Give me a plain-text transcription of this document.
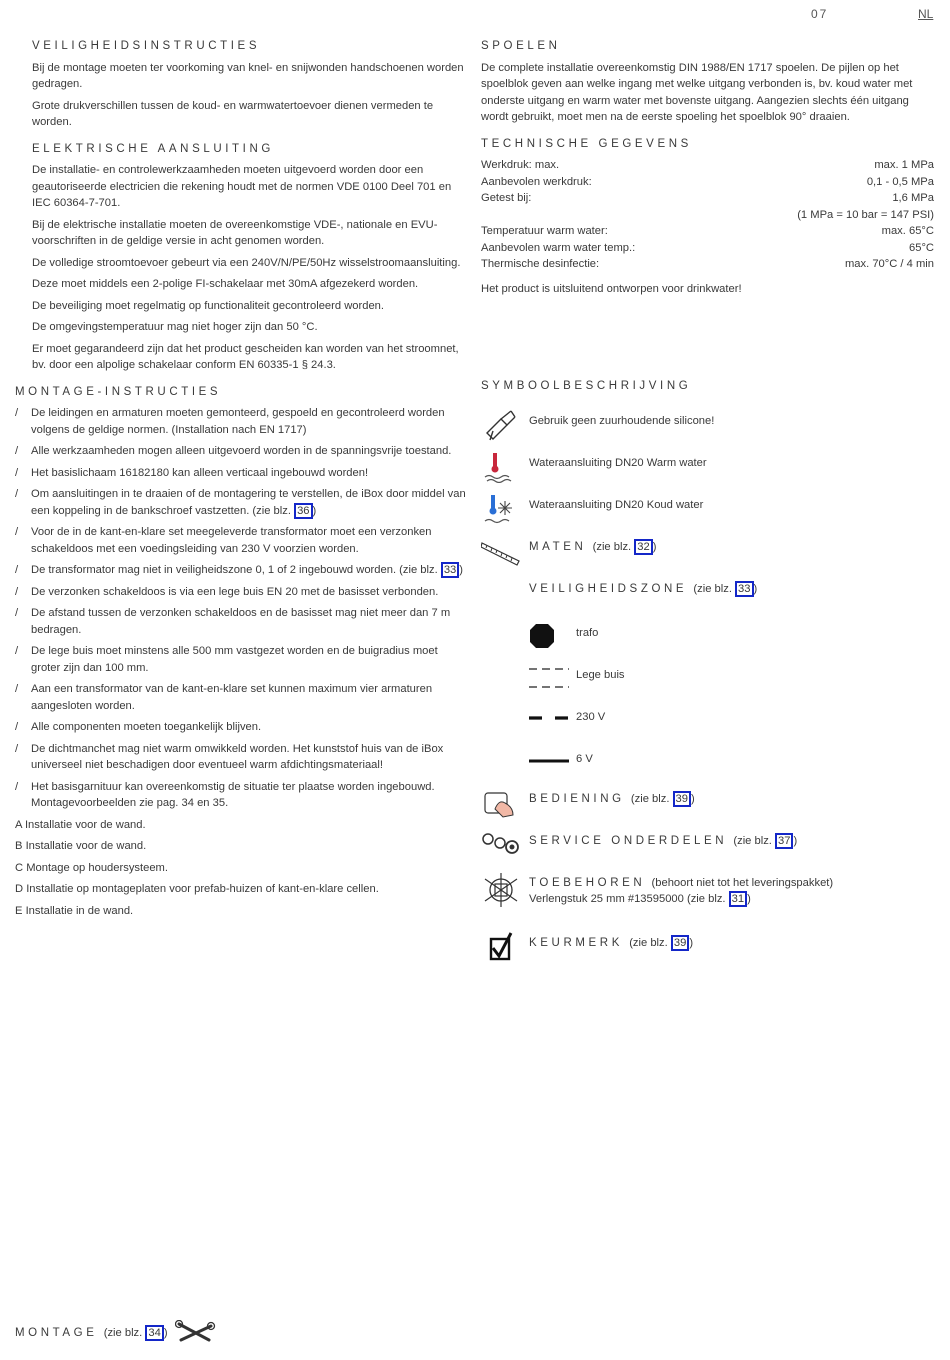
07	NL
VEILIGHEIDSINSTRUCTIES

Bij de montage moeten ter voorkoming van knel- en snijwonden handschoenen worden gedragen.

Grote drukverschillen tussen de koud- en warmwatertoevoer dienen vermeden te worden.

ELEKTRISCHE AANSLUITING

De installatie- en controlewerkzaamheden moeten uitgevoerd worden door een geautoriseerde electricien die rekening houdt met de normen VDE 0100 Deel 701 en IEC 60364-7-701.

Bij de elektrische installatie moeten de overeenkomstige VDE-, nationale en EVU-voorschriften in de geldige versie in acht genomen worden.

De volledige stroomtoevoer gebeurt via een 240V/N/PE/50Hz wisselstroomaansluiting.

Deze moet middels een 2-polige FI-schakelaar met 30mA afgezekerd worden.

De beveiliging moet regelmatig op functionaliteit gecontroleerd worden.

De omgevingstemperatuur mag niet hoger zijn dan 50 °C.

Er moet gegarandeerd zijn dat het product gescheiden kan worden van het stroomnet, bv. door een alpolige schakelaar conform EN 60335-1 § 24.3.

MONTAGE-INSTRUCTIES
/ De leidingen en armaturen moeten gemonteerd, gespoeld en gecontroleerd worden volgens de geldige normen. (Installation nach EN 1717)
/ Alle werkzaamheden mogen alleen uitgevoerd worden in de spanningsvrije toestand.
/ Het basislichaam 16182180 kan alleen verticaal ingebouwd worden!
/ Om aansluitingen in te draaien of de montagering te verstellen, de iBox door middel van een koppeling in de bankschroef vastzetten. (zie blz. 36 )
/ Voor de in de kant-en-klare set meegeleverde transformator moet een verzonken schakeldoos met een voedingsleiding van 230 V voorzien worden.
/ De transformator mag niet in veiligheidszone 0, 1 of 2 ingebouwd worden. (zie blz. 33 )
/ De verzonken schakeldoos is via een lege buis EN 20 met de basisset verbonden.
/ De afstand tussen de verzonken schakeldoos en de basisset mag niet meer dan 7 m bedragen.
/ De lege buis moet minstens alle 500 mm vastgezet worden en de buigradius moet groter zijn dan 100 mm.
/ Aan een transformator van de kant-en-klare set kunnen maximum vier armaturen aangesloten worden.
/ Alle componenten moeten toegankelijk blijven.
/ De dichtmanchet mag niet warm omwikkeld worden. Het kunststof huis van de iBox universeel niet beschadigen door eventueel warm afdichtingsmateriaal!
/ Het basisgarnituur kan overeenkomstig de situatie ter plaatse worden ingebouwd. Montagevoorbeelden zie pag. 34 en 35.
A Installatie voor de wand.
B Installatie voor de wand.
C Montage op houdersysteem.
D Installatie op montageplaten voor prefab-huizen of kant-en-klare cellen.
E Installatie in de wand.
SPOELEN

De complete installatie overeenkomstig DIN 1988/EN 1717 spoelen. De pijlen op het spoelblok geven aan welke ingang met welke uitgang verbonden is, bv. koud water met onderste uitgang en warm water met bovenste uitgang. Aangezien slechts één uitgang wordt gebruikt, moet men na de eerste spoeling het spoelblok 90° draaien.

TECHNISCHE GEGEVENS
Werkdruk: max.	max. 1 MPa
Aanbevolen werkdruk:	0,1 - 0,5 MPa
Getest bij:	1,6 MPa
	(1 MPa = 10 bar = 147 PSI)
Temperatuur warm water:	max. 65°C
Aanbevolen warm water temp.:	65°C
Thermische desinfectie:	max. 70°C / 4 min

Het product is uitsluitend ontworpen voor drinkwater!

SYMBOOLBESCHRIJVING
Gebruik geen zuurhoudende silicone!
Wateraansluiting DN20 Warm water
Wateraansluiting DN20 Koud water
MATEN (zie blz. 32 )
VEILIGHEIDSZONE (zie blz. 33 )
trafo
Lege buis
230 V
6 V
BEDIENING (zie blz. 39 )
SERVICE ONDERDELEN (zie blz. 37 )
TOEBEHOREN (behoort niet tot het leveringspakket)
Verlengstuk 25 mm #13595000 (zie blz. 31 )
KEURMERK (zie blz. 39 )
MONTAGE (zie blz. 34 )
